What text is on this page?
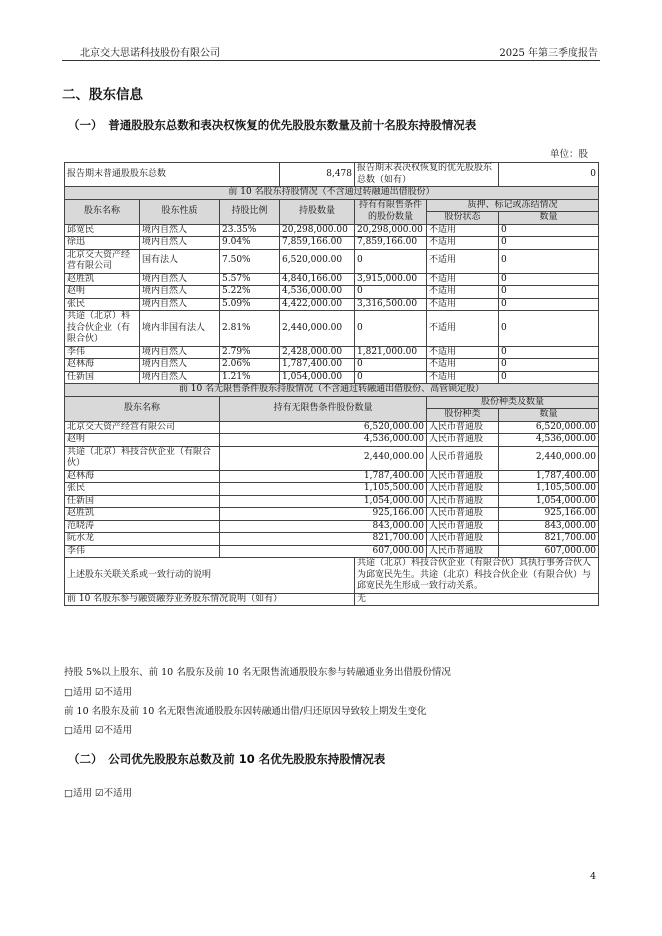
北京交大思诺科技股份有限公司	2025 年第三季度报告
二、股东信息
（一）　普通股股东总数和表决权恢复的优先股股东数量及前十名股东持股情况表
单位：股
报告期末普通股股东总数			8,478	报告期末表决权恢复的优先股股东总数（如有）		0
前 10 名股东持股情况（不含通过转融通出借股份）						
股东名称	股东性质	持股比例	持股数量	持有有限售条件的股份数量	质押、标记或冻结情况	
					股份状态	数量
邱宽民	境内自然人	23.35%	20,298,000.00	20,298,000.00	不适用	0
徐迅	境内自然人	9.04%	7,859,166.00	7,859,166.00	不适用	0
北京交大资产经营有限公司	国有法人	7.50%	6,520,000.00	0	不适用	0
赵胜凯	境内自然人	5.57%	4,840,166.00	3,915,000.00	不适用	0
赵明	境内自然人	5.22%	4,536,000.00	0	不适用	0
张民	境内自然人	5.09%	4,422,000.00	3,316,500.00	不适用	0
共途（北京）科技合伙企业（有限合伙）	境内非国有法人	2.81%	2,440,000.00	0	不适用	0
李伟	境内自然人	2.79%	2,428,000.00	1,821,000.00	不适用	0
赵林海	境内自然人	2.06%	1,787,400.00	0	不适用	0
任新国	境内自然人	1.21%	1,054,000.00	0	不适用	0
前 10 名无限售条件股东持股情况（不含通过转融通出借股份、高管锁定股）						
股东名称		持有无限售条件股份数量			股份种类及数量	
					股份种类	数量
北京交大资产经营有限公司		6,520,000.00			人民币普通股	6,520,000.00
赵明		4,536,000.00			人民币普通股	4,536,000.00
共途（北京）科技合伙企业（有限合伙）		2,440,000.00			人民币普通股	2,440,000.00
赵林海		1,787,400.00			人民币普通股	1,787,400.00
张民		1,105,500.00			人民币普通股	1,105,500.00
任新国		1,054,000.00			人民币普通股	1,054,000.00
赵胜凯		925,166.00			人民币普通股	925,166.00
范晓涛		843,000.00			人民币普通股	843,000.00
阮水龙		821,700.00			人民币普通股	821,700.00
李伟		607,000.00			人民币普通股	607,000.00
上述股东关联关系或一致行动的说明				共途（北京）科技合伙企业（有限合伙）其执行事务合伙人为邱宽民先生。共途（北京）科技合伙企业（有限合伙）与邱宽民先生形成一致行动关系。		
前 10 名股东参与融资融券业务股东情况说明（如有）				无		
持股 5%以上股东、前 10 名股东及前 10 名无限售流通股股东参与转融通业务出借股份情况
□适用 ☑不适用
前 10 名股东及前 10 名无限售流通股股东因转融通出借/归还原因导致较上期发生变化
□适用 ☑不适用
（二）　公司优先股股东总数及前 10 名优先股股东持股情况表
□适用 ☑不适用
4
